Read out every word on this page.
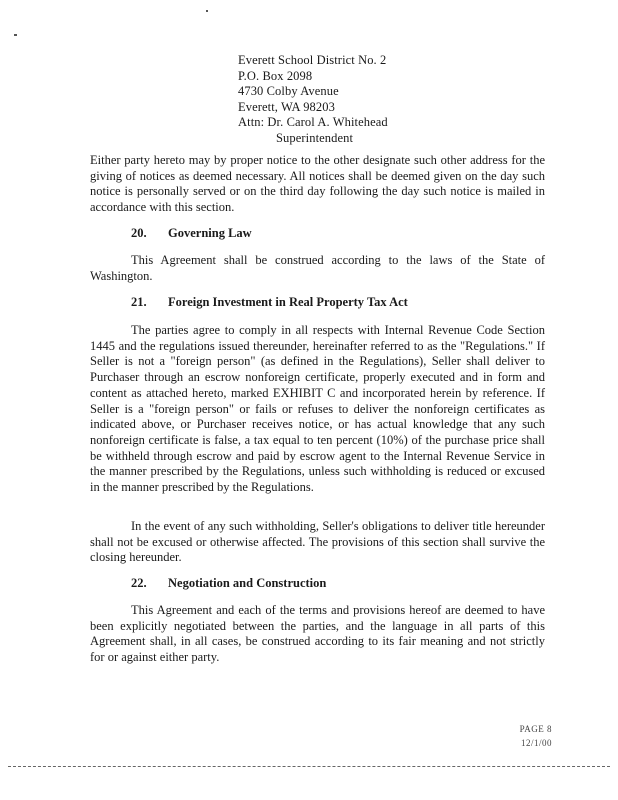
Everett School District No. 2
P.O. Box 2098
4730 Colby Avenue
Everett, WA 98203
Attn: Dr. Carol A. Whitehead
Superintendent

Either party hereto may by proper notice to the other designate such other address for the giving of notices as deemed necessary. All notices shall be deemed given on the day such notice is personally served or on the third day following the day such notice is mailed in accordance with this section.

20. Governing Law

This Agreement shall be construed according to the laws of the State of Washington.

21. Foreign Investment in Real Property Tax Act

The parties agree to comply in all respects with Internal Revenue Code Section 1445 and the regulations issued thereunder, hereinafter referred to as the "Regulations." If Seller is not a "foreign person" (as defined in the Regulations), Seller shall deliver to Purchaser through an escrow nonforeign certificate, properly executed and in form and content as attached hereto, marked EXHIBIT C and incorporated herein by reference. If Seller is a "foreign person" or fails or refuses to deliver the nonforeign certificates as indicated above, or Purchaser receives notice, or has actual knowledge that any such nonforeign certificate is false, a tax equal to ten percent (10%) of the purchase price shall be withheld through escrow and paid by escrow agent to the Internal Revenue Service in the manner prescribed by the Regulations, unless such withholding is reduced or excused in the manner prescribed by the Regulations.

In the event of any such withholding, Seller's obligations to deliver title hereunder shall not be excused or otherwise affected. The provisions of this section shall survive the closing hereunder.

22. Negotiation and Construction

This Agreement and each of the terms and provisions hereof are deemed to have been explicitly negotiated between the parties, and the language in all parts of this Agreement shall, in all cases, be construed according to its fair meaning and not strictly for or against either party.

PAGE 8
12/1/00
